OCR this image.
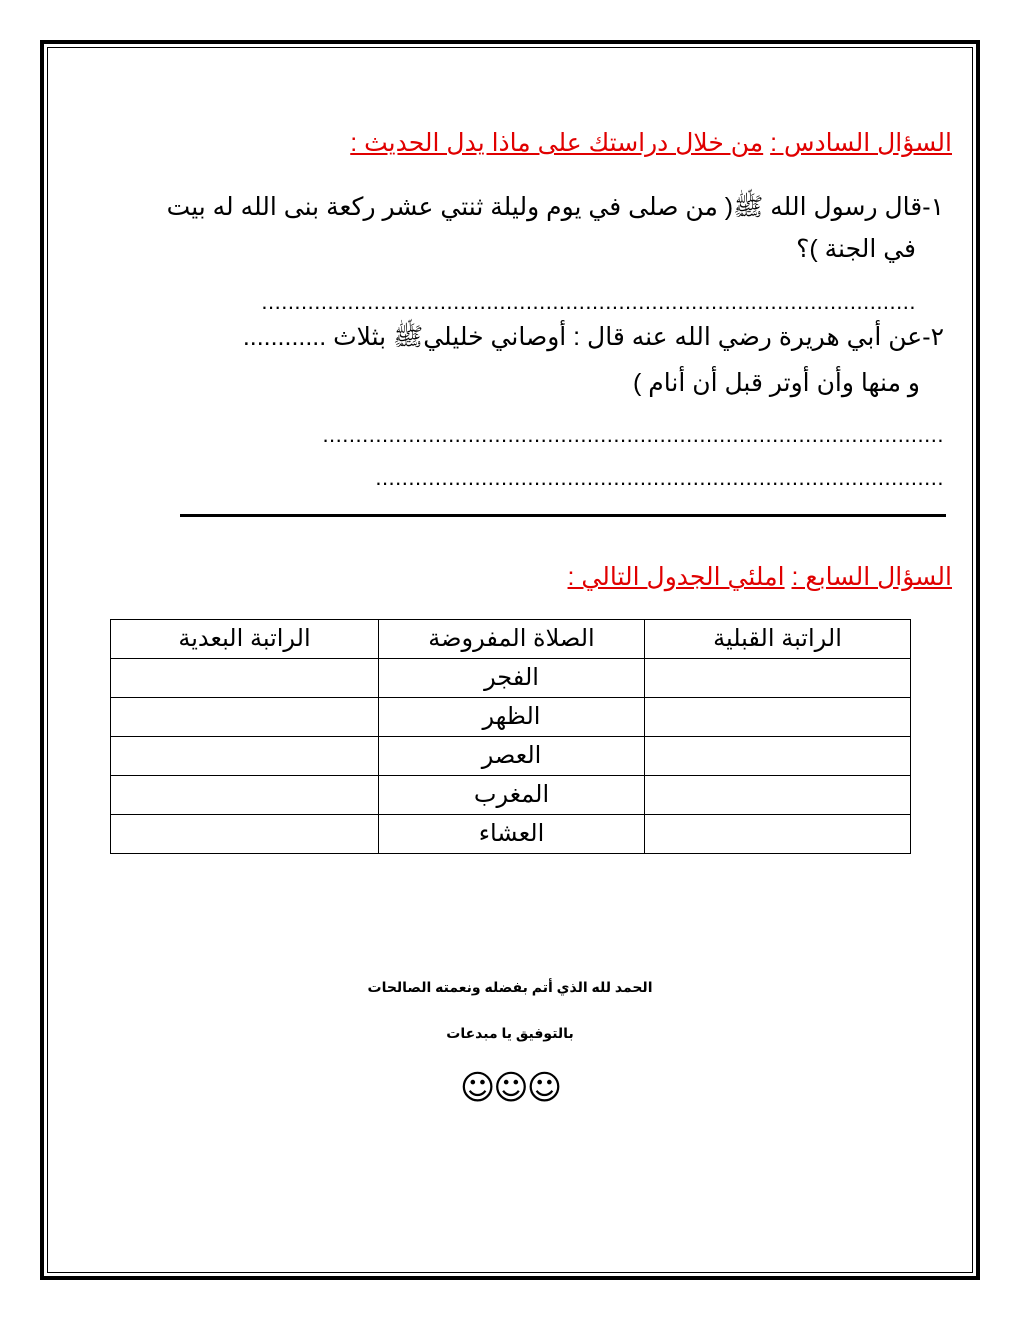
السؤال السادس : من خلال دراستك على ماذا يدل الحديث :
١-قال رسول الله ﷺ( من صلى في يوم وليلة ثنتي عشر ركعة بنى الله له بيت
في الجنة )؟
...................................................................................................
٢-عن أبي هريرة رضي الله عنه قال : أوصاني خليليﷺ بثلاث ............
و منها وأن أوتر قبل أن أنام )
..............................................................................................
......................................................................................
السؤال السابع : املئي الجدول التالي :
الراتبة القبلية	الصلاة المفروضة	الراتبة البعدية
	الفجر	
	الظهر	
	العصر	
	المغرب	
	العشاء	
الحمد لله الذي أتم بفضله ونعمته الصالحات
بالتوفيق يا مبدعات
☺☺☺
